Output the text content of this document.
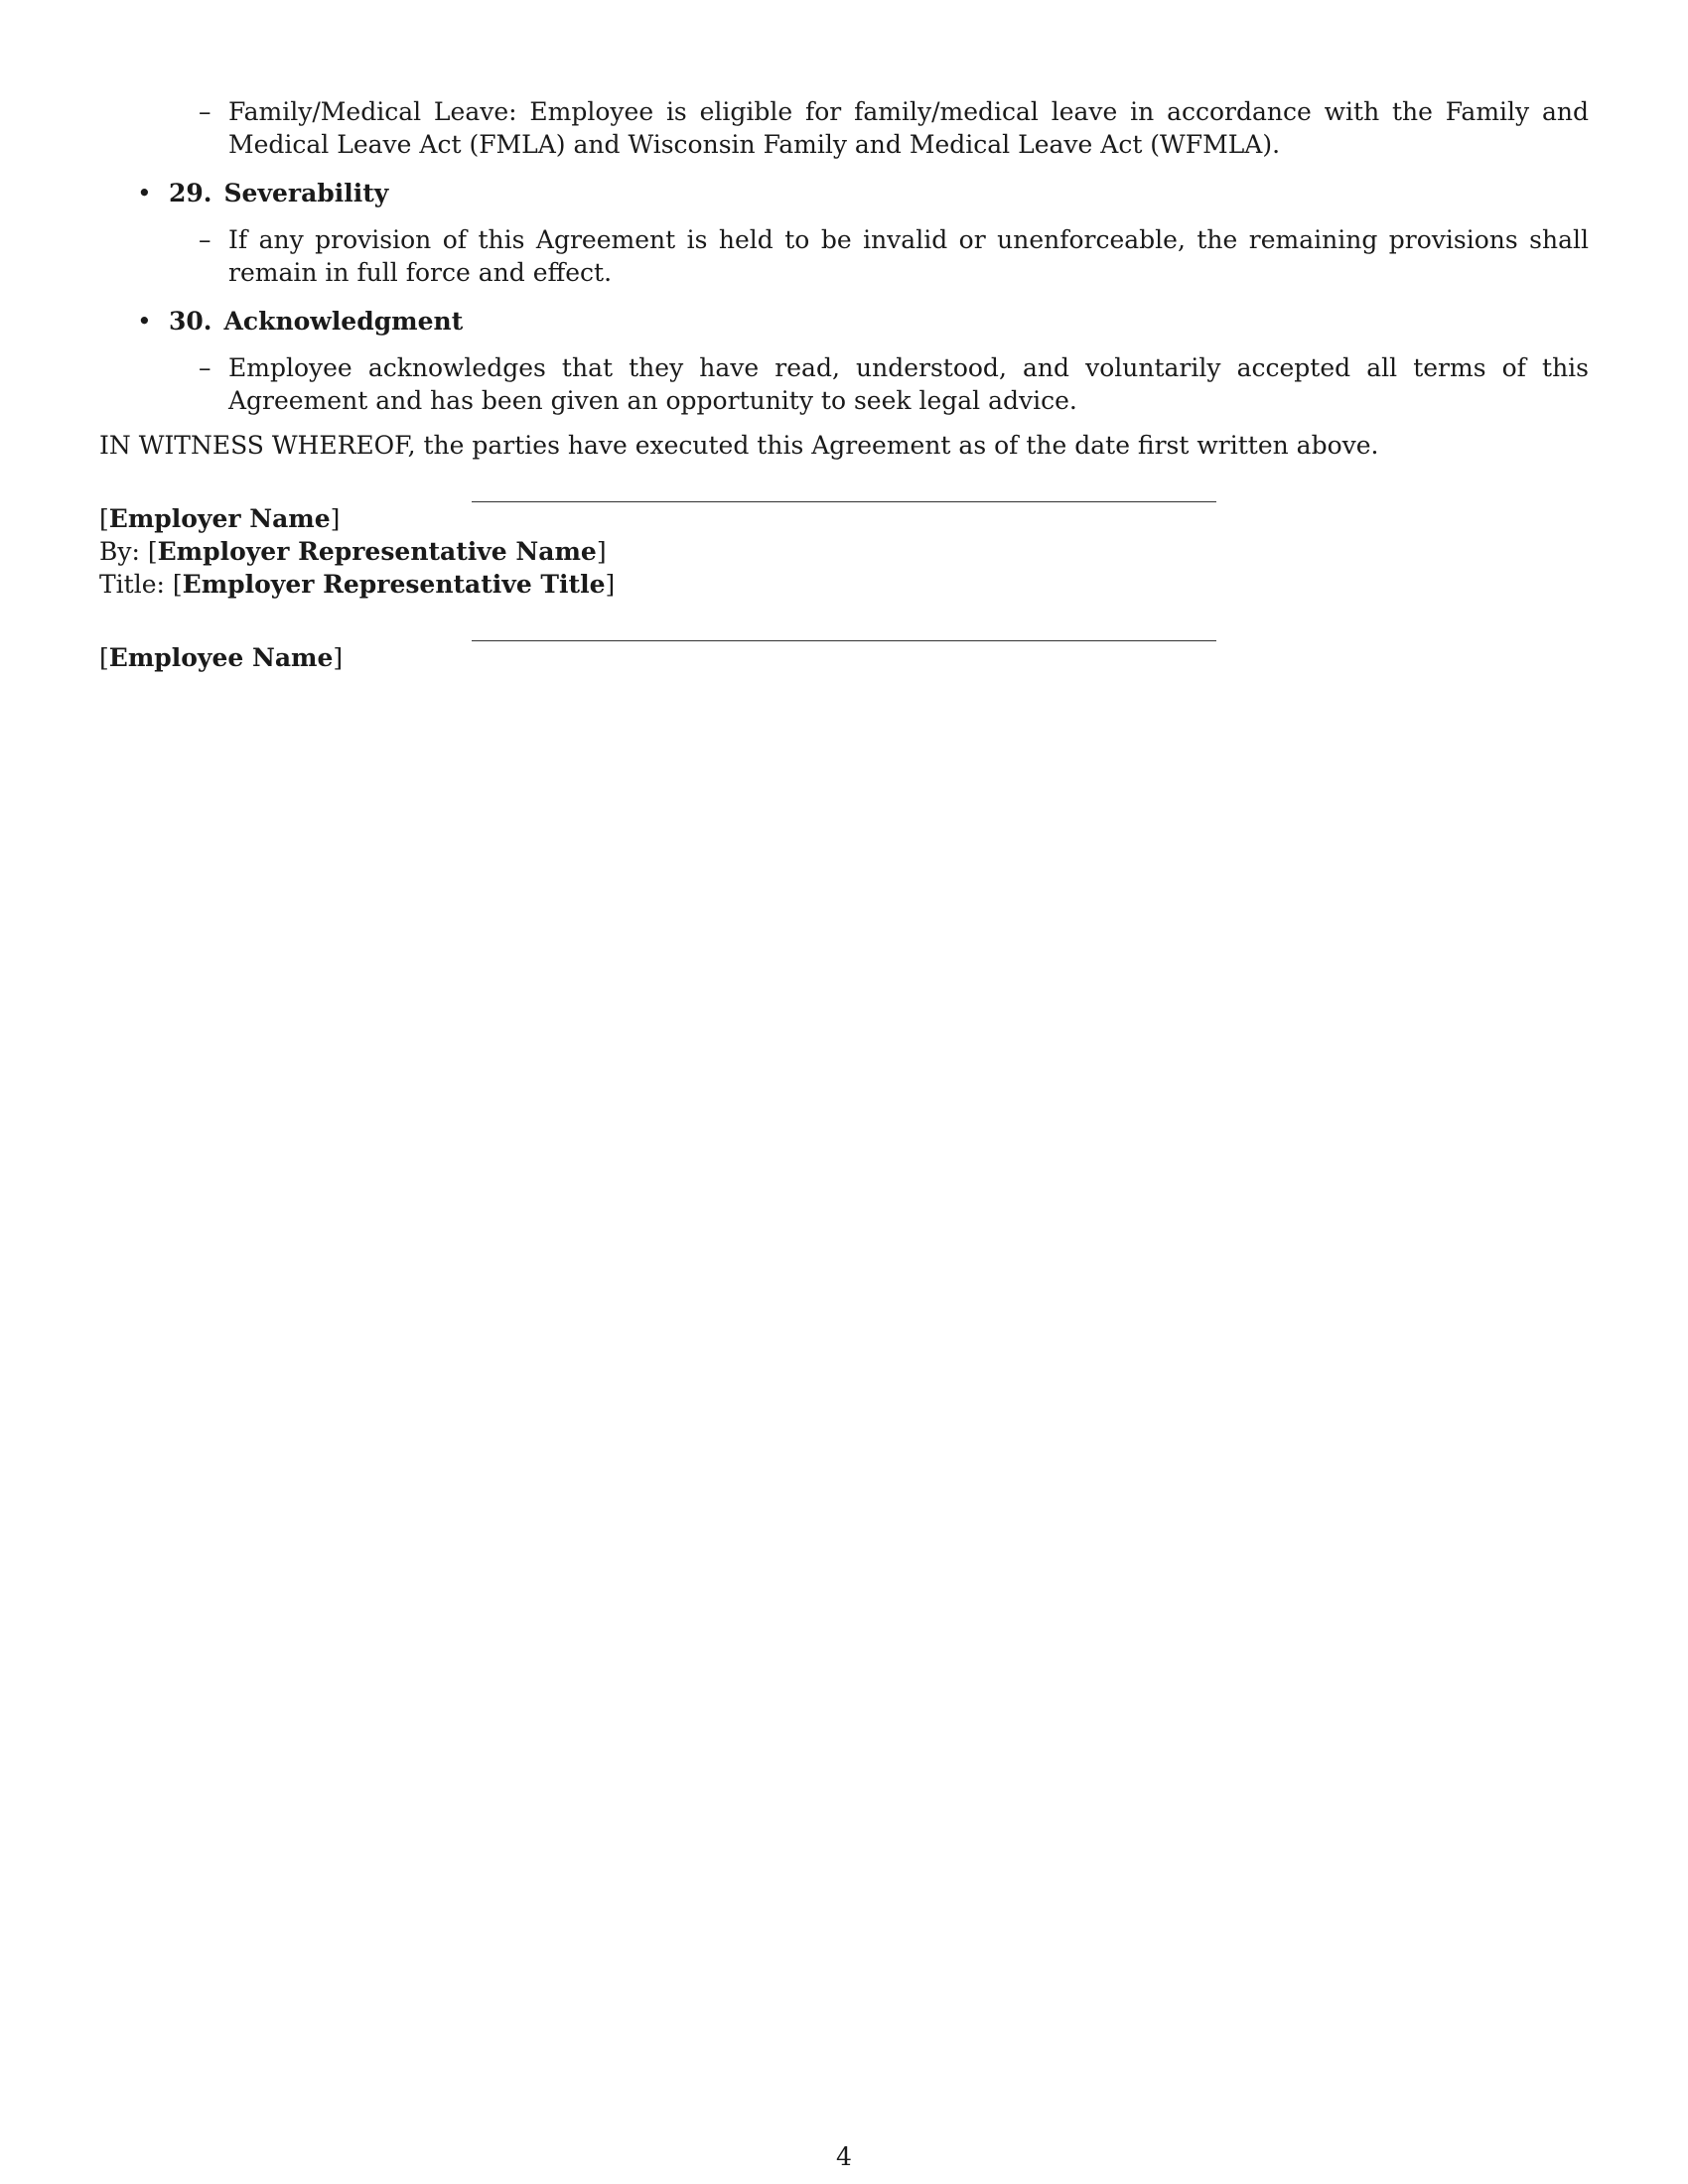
– Family/Medical Leave: Employee is eligible for family/medical leave in accordance with the Family and Medical Leave Act (FMLA) and Wisconsin Family and Medical Leave Act (WFMLA).
• 29. Severability
– If any provision of this Agreement is held to be invalid or unenforceable, the remaining provisions shall remain in full force and effect.
• 30. Acknowledgment
– Employee acknowledges that they have read, understood, and voluntarily accepted all terms of this Agreement and has been given an opportunity to seek legal advice.
IN WITNESS WHEREOF, the parties have executed this Agreement as of the date first written above.

[Employer Name]

By: [Employer Representative Name]

Title: [Employer Representative Title]

[Employee Name]

4
